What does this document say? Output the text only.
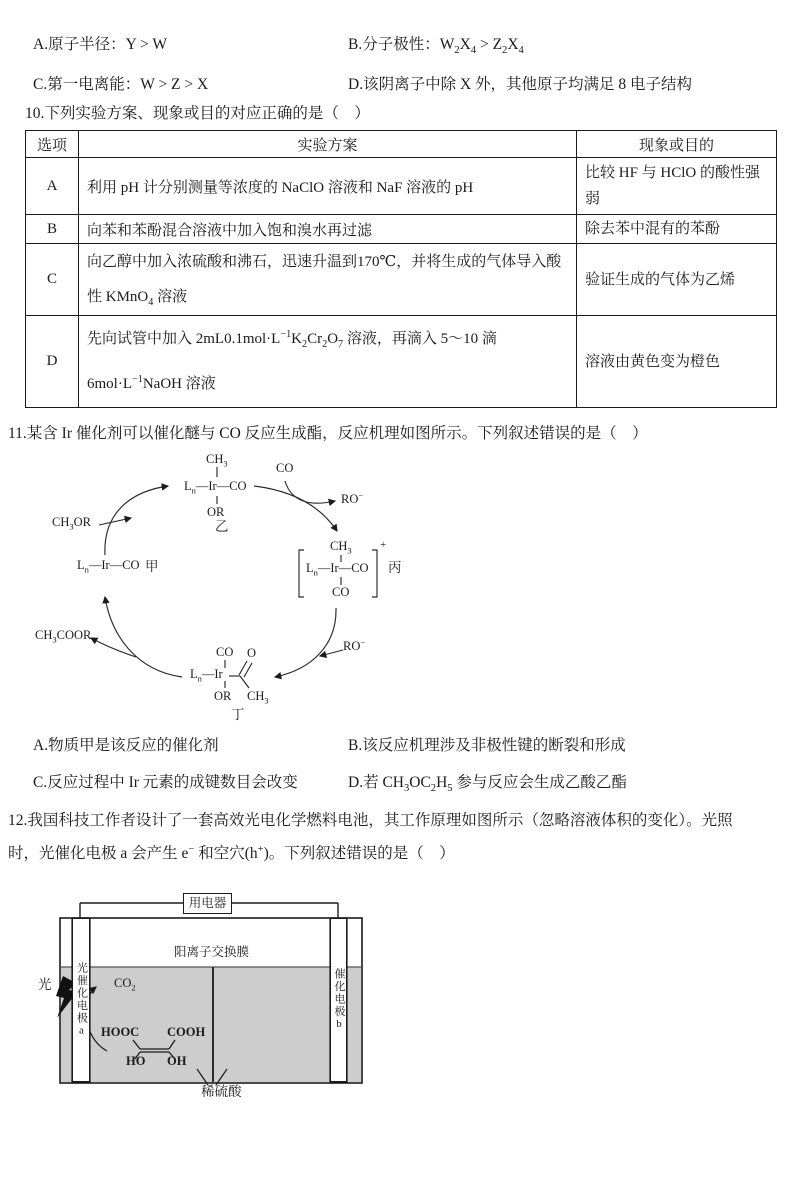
A.原子半径：Y > W	B.分子极性：$W_2X_4 > Z_2X_4$
C.第一电离能：W > Z > X	D.该阴离子中除 X 外，其他原子均满足 8 电子结构
10.下列实验方案、现象或目的对应正确的是（　）
选项	实验方案	现象或目的
A	利用 pH 计分别测量等浓度的 NaClO 溶液和 NaF 溶液的 pH	比较 HF 与 HClO 的酸性强弱
B	向苯和苯酚混合溶液中加入饱和溴水再过滤	除去苯中混有的苯酚
C	向乙醇中加入浓硫酸和沸石，迅速升温到170℃，并将生成的气体导入酸性 KMnO$_4$ 溶液	验证生成的气体为乙烯
D	先向试管中加入 $2mL0.1mol\cdot L^{-1}K_2Cr_2O_7$ 溶液，再滴入 5～10 滴 $6mol\cdot L^{-1}NaOH$ 溶液	溶液由黄色变为橙色
11.某含 Ir 催化剂可以催化醚与 CO 反应生成酯，反应机理如图所示。下列叙述错误的是（　）
$CH_3$
$L_n—Ir—CO$
OR
乙
CO
RO−
$CH_3OR$
$CH_3COOR$
RO−
$L_n—Ir—CO$ 甲
$CH_3$
$L_n—Ir—CO$
CO
+
丙
CO O
$L_n—Ir$
OR $CH_3$
丁
A.物质甲是该反应的催化剂	B.该反应机理涉及非极性键的断裂和形成
C.反应过程中 Ir 元素的成键数目会改变	D.若 $CH_3OC_2H_5$ 参与反应会生成乙酸乙酯
12.我国科技工作者设计了一套高效光电化学燃料电池，其工作原理如图所示（忽略溶液体积的变化）。光照
时，光催化电极 a 会产生 e− 和空穴(h+)。下列叙述错误的是（　）
用电器
阳离子交换膜
光催化电极a	催化电极b
光	$CO_2$
HOOC COOH
HO OH
稀硫酸
